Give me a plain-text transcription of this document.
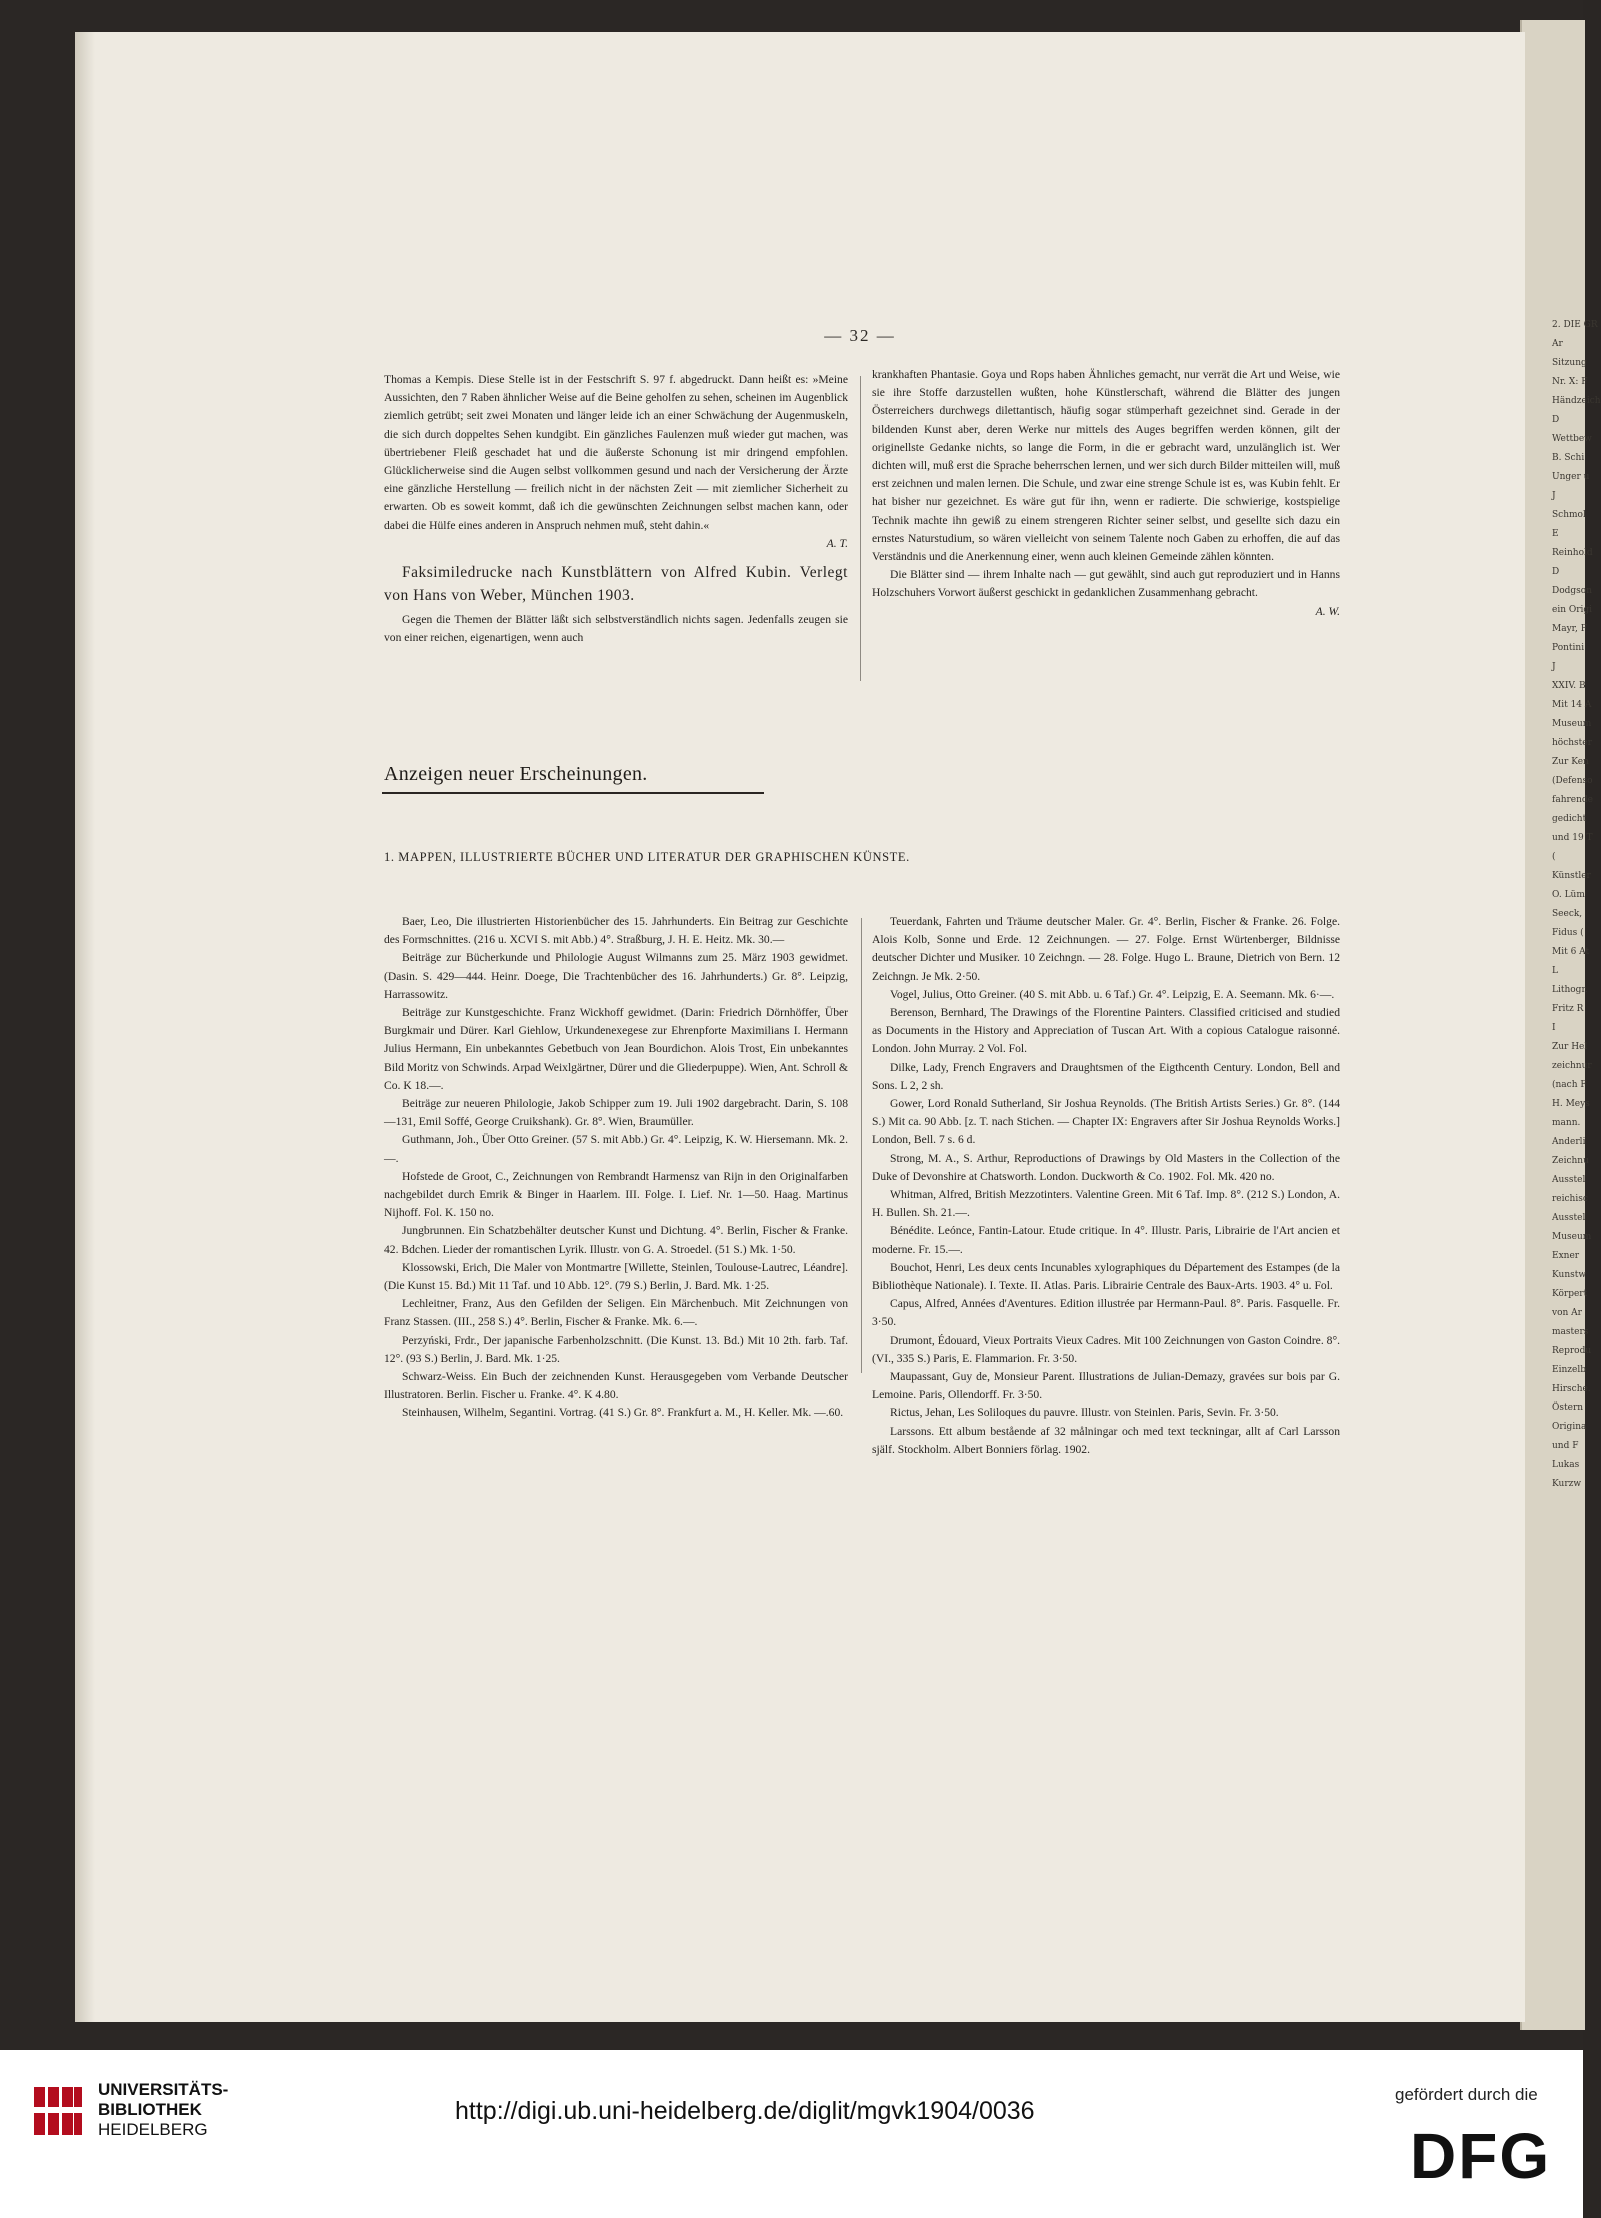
2. DIE GR
Ar
Sitzung
Nr. X: F
Händzeich
D
Wettbew
B. Schi
Unger u
J
Schmol
E
Reinhold
D
Dodgson
ein Origi
Mayr, F
Pontini
J
XXIV. B
Mit 14 A
Museum
höchster
Zur Ken
(Defenso
fahrende
gedicht
und 19 T
(
Künstler
O. Lüm
Seeck,
Fidus (
Mit 6 At
L
Lithogr.
Fritz R
I
Zur Hel
zeichnur
(nach F
H. Meys
mann.
Anderli
Zeichnu
Ausstel
reichisc
Ausstel
Museum
Exner
Kunstw
Körpert
von Ar
masters
Reprodu
Einzelb
Hirsche.
Östern
Origina
und F
Lukas
Kurzw
— 32 —

Thomas a Kempis. Diese Stelle ist in der Festschrift S. 97 f. abgedruckt. Dann heißt es: »Meine Aussichten, den 7 Raben ähnlicher Weise auf die Beine geholfen zu sehen, scheinen im Augenblick ziemlich getrübt; seit zwei Monaten und länger leide ich an einer Schwächung der Augenmuskeln, die sich durch doppeltes Sehen kundgibt. Ein gänzliches Faulenzen muß wieder gut machen, was übertriebener Fleiß geschadet hat und die äußerste Schonung ist mir dringend empfohlen. Glücklicherweise sind die Augen selbst vollkommen gesund und nach der Versicherung der Ärzte eine gänzliche Herstellung — freilich nicht in der nächsten Zeit — mit ziemlicher Sicherheit zu erwarten. Ob es soweit kommt, daß ich die gewünschten Zeichnungen selbst machen kann, oder dabei die Hülfe eines anderen in Anspruch nehmen muß, steht dahin.«

A. T.

Faksimiledrucke nach Kunstblättern von Alfred Kubin. Verlegt von Hans von Weber, München 1903.

Gegen die Themen der Blätter läßt sich selbstverständlich nichts sagen. Jedenfalls zeugen sie von einer reichen, eigenartigen, wenn auch

krankhaften Phantasie. Goya und Rops haben Ähnliches gemacht, nur verrät die Art und Weise, wie sie ihre Stoffe darzustellen wußten, hohe Künstlerschaft, während die Blätter des jungen Österreichers durchwegs dilettantisch, häufig sogar stümperhaft gezeichnet sind. Gerade in der bildenden Kunst aber, deren Werke nur mittels des Auges begriffen werden können, gilt der originellste Gedanke nichts, so lange die Form, in die er gebracht ward, unzulänglich ist. Wer dichten will, muß erst die Sprache beherrschen lernen, und wer sich durch Bilder mitteilen will, muß erst zeichnen und malen lernen. Die Schule, und zwar eine strenge Schule ist es, was Kubin fehlt. Er hat bisher nur gezeichnet. Es wäre gut für ihn, wenn er radierte. Die schwierige, kostspielige Technik machte ihn gewiß zu einem strengeren Richter seiner selbst, und gesellte sich dazu ein ernstes Naturstudium, so wären vielleicht von seinem Talente noch Gaben zu erhoffen, die auf das Verständnis und die Anerkennung einer, wenn auch kleinen Gemeinde zählen könnten.

Die Blätter sind — ihrem Inhalte nach — gut gewählt, sind auch gut reproduziert und in Hanns Holzschuhers Vorwort äußerst geschickt in gedanklichen Zusammenhang gebracht.

A. W.

Anzeigen neuer Erscheinungen.
1. MAPPEN, ILLUSTRIERTE BÜCHER UND LITERATUR DER GRAPHISCHEN KÜNSTE.

Baer, Leo, Die illustrierten Historienbücher des 15. Jahrhunderts. Ein Beitrag zur Geschichte des Formschnittes. (216 u. XCVI S. mit Abb.) 4°. Straßburg, J. H. E. Heitz. Mk. 30.—

Beiträge zur Bücherkunde und Philologie August Wilmanns zum 25. März 1903 gewidmet. (Dasin. S. 429—444. Heinr. Doege, Die Trachtenbücher des 16. Jahrhunderts.) Gr. 8°. Leipzig, Harrassowitz.

Beiträge zur Kunstgeschichte. Franz Wickhoff gewidmet. (Darin: Friedrich Dörnhöffer, Über Burgkmair und Dürer. Karl Giehlow, Urkundenexegese zur Ehrenpforte Maximilians I. Hermann Julius Hermann, Ein unbekanntes Gebetbuch von Jean Bourdichon. Alois Trost, Ein unbekanntes Bild Moritz von Schwinds. Arpad Weixlgärtner, Dürer und die Gliederpuppe). Wien, Ant. Schroll & Co. K 18.—.

Beiträge zur neueren Philologie, Jakob Schipper zum 19. Juli 1902 dargebracht. Darin, S. 108—131, Emil Soffé, George Cruikshank). Gr. 8°. Wien, Braumüller.

Guthmann, Joh., Über Otto Greiner. (57 S. mit Abb.) Gr. 4°. Leipzig, K. W. Hiersemann. Mk. 2.—.

Hofstede de Groot, C., Zeichnungen von Rembrandt Harmensz van Rijn in den Originalfarben nachgebildet durch Emrik & Binger in Haarlem. III. Folge. I. Lief. Nr. 1—50. Haag. Martinus Nijhoff. Fol. K. 150 no.

Jungbrunnen. Ein Schatzbehälter deutscher Kunst und Dichtung. 4°. Berlin, Fischer & Franke. 42. Bdchen. Lieder der romantischen Lyrik. Illustr. von G. A. Stroedel. (51 S.) Mk. 1·50.

Klossowski, Erich, Die Maler von Montmartre [Willette, Steinlen, Toulouse-Lautrec, Léandre]. (Die Kunst 15. Bd.) Mit 11 Taf. und 10 Abb. 12°. (79 S.) Berlin, J. Bard. Mk. 1·25.

Lechleitner, Franz, Aus den Gefilden der Seligen. Ein Märchenbuch. Mit Zeichnungen von Franz Stassen. (III., 258 S.) 4°. Berlin, Fischer & Franke. Mk. 6.—.

Perzyński, Frdr., Der japanische Farbenholzschnitt. (Die Kunst. 13. Bd.) Mit 10 2th. farb. Taf. 12°. (93 S.) Berlin, J. Bard. Mk. 1·25.

Schwarz-Weiss. Ein Buch der zeichnenden Kunst. Herausgegeben vom Verbande Deutscher Illustratoren. Berlin. Fischer u. Franke. 4°. K 4.80.

Steinhausen, Wilhelm, Segantini. Vortrag. (41 S.) Gr. 8°. Frankfurt a. M., H. Keller. Mk. —.60.

Teuerdank, Fahrten und Träume deutscher Maler. Gr. 4°. Berlin, Fischer & Franke. 26. Folge. Alois Kolb, Sonne und Erde. 12 Zeichnungen. — 27. Folge. Ernst Würtenberger, Bildnisse deutscher Dichter und Musiker. 10 Zeichngn. — 28. Folge. Hugo L. Braune, Dietrich von Bern. 12 Zeichngn. Je Mk. 2·50.

Vogel, Julius, Otto Greiner. (40 S. mit Abb. u. 6 Taf.) Gr. 4°. Leipzig, E. A. Seemann. Mk. 6·—.

Berenson, Bernhard, The Drawings of the Florentine Painters. Classified criticised and studied as Documents in the History and Appreciation of Tuscan Art. With a copious Catalogue raisonné. London. John Murray. 2 Vol. Fol.

Dilke, Lady, French Engravers and Draughtsmen of the Eigthcenth Century. London, Bell and Sons. L 2, 2 sh.

Gower, Lord Ronald Sutherland, Sir Joshua Reynolds. (The British Artists Series.) Gr. 8°. (144 S.) Mit ca. 90 Abb. [z. T. nach Stichen. — Chapter IX: Engravers after Sir Joshua Reynolds Works.] London, Bell. 7 s. 6 d.

Strong, M. A., S. Arthur, Reproductions of Drawings by Old Masters in the Collection of the Duke of Devonshire at Chatsworth. London. Duckworth & Co. 1902. Fol. Mk. 420 no.

Whitman, Alfred, British Mezzotinters. Valentine Green. Mit 6 Taf. Imp. 8°. (212 S.) London, A. H. Bullen. Sh. 21.—.

Bénédite. Leónce, Fantin-Latour. Etude critique. In 4°. Illustr. Paris, Librairie de l'Art ancien et moderne. Fr. 15.—.

Bouchot, Henri, Les deux cents Incunables xylographiques du Département des Estampes (de la Bibliothèque Nationale). I. Texte. II. Atlas. Paris. Librairie Centrale des Baux-Arts. 1903. 4° u. Fol.

Capus, Alfred, Années d'Aventures. Edition illustrée par Hermann-Paul. 8°. Paris. Fasquelle. Fr. 3·50.

Drumont, Édouard, Vieux Portraits Vieux Cadres. Mit 100 Zeichnungen von Gaston Coindre. 8°. (VI., 335 S.) Paris, E. Flammarion. Fr. 3·50.

Maupassant, Guy de, Monsieur Parent. Illustrations de Julian-Demazy, gravées sur bois par G. Lemoine. Paris, Ollendorff. Fr. 3·50.

Rictus, Jehan, Les Soliloques du pauvre. Illustr. von Steinlen. Paris, Sevin. Fr. 3·50.

Larssons. Ett album bestående af 32 målningar och med text teckningar, allt af Carl Larsson själf. Stockholm. Albert Bonniers förlag. 1902.

UNIVERSITÄTS-
BIBLIOTHEK
HEIDELBERG
http://digi.ub.uni-heidelberg.de/diglit/mgvk1904/0036
gefördert durch die
DFG
